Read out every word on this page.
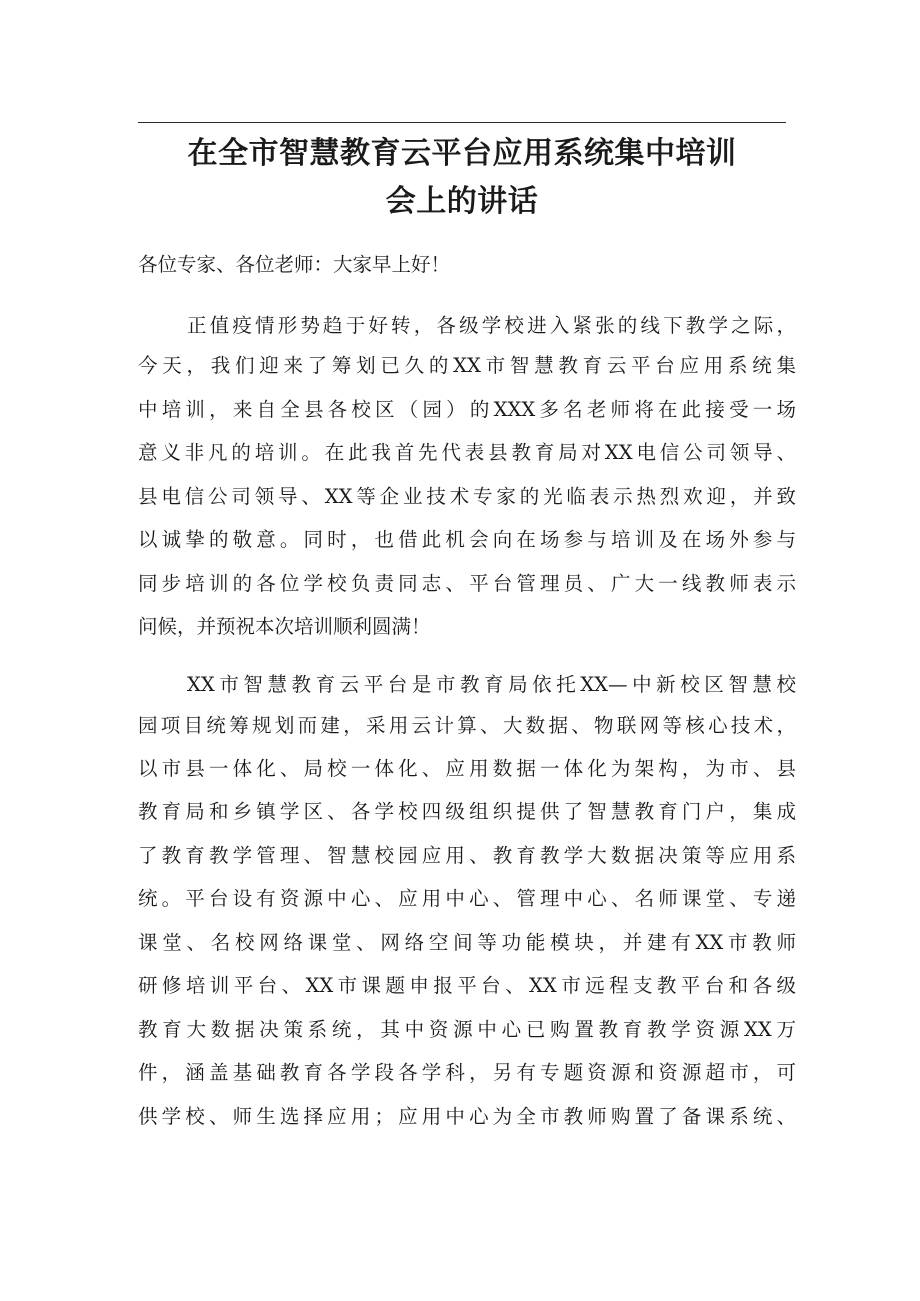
在全市智慧教育云平台应用系统集中培训
会上的讲话
各位专家、各位老师：大家早上好！
正值疫情形势趋于好转，各级学校进入紧张的线下教学之际，
今天，我们迎来了筹划已久的XX市智慧教育云平台应用系统集
中培训，来自全县各校区（园）的XXX多名老师将在此接受一场
意义非凡的培训。在此我首先代表县教育局对XX电信公司领导、
县电信公司领导、XX等企业技术专家的光临表示热烈欢迎，并致
以诚挚的敬意。同时，也借此机会向在场参与培训及在场外参与
同步培训的各位学校负责同志、平台管理员、广大一线教师表示
问候，并预祝本次培训顺利圆满！
XX市智慧教育云平台是市教育局依托XX—中新校区智慧校
园项目统筹规划而建，采用云计算、大数据、物联网等核心技术，
以市县一体化、局校一体化、应用数据一体化为架构，为市、县
教育局和乡镇学区、各学校四级组织提供了智慧教育门户，集成
了教育教学管理、智慧校园应用、教育教学大数据决策等应用系
统。平台设有资源中心、应用中心、管理中心、名师课堂、专递
课堂、名校网络课堂、网络空间等功能模块，并建有XX市教师
研修培训平台、XX市课题申报平台、XX市远程支教平台和各级
教育大数据决策系统，其中资源中心已购置教育教学资源XX万
件，涵盖基础教育各学段各学科，另有专题资源和资源超市，可
供学校、师生选择应用；应用中心为全市教师购置了备课系统、
